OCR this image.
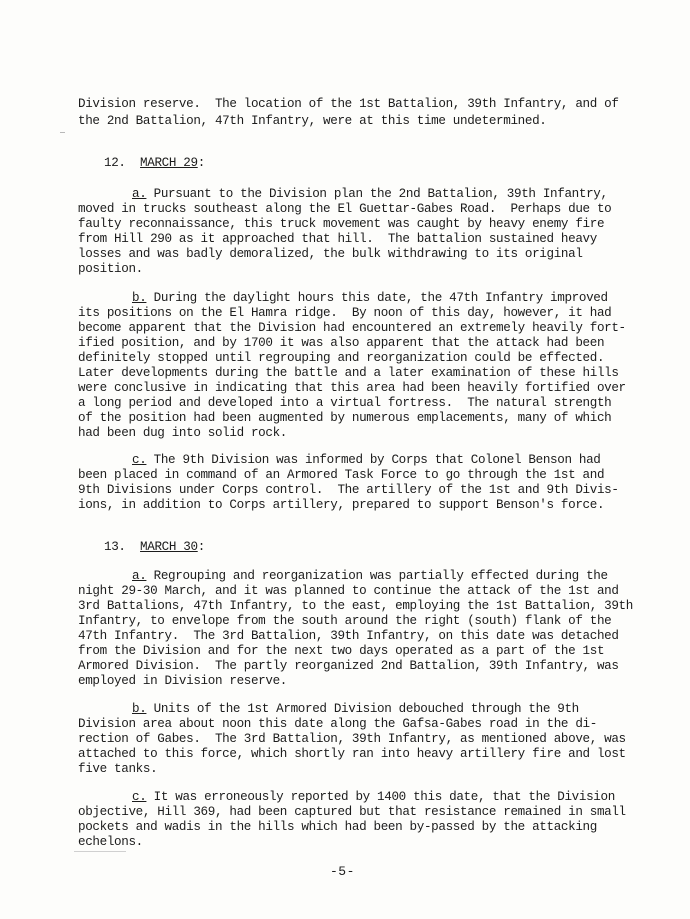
Division reserve.  The location of the 1st Battalion, 39th Infantry, and of
the 2nd Battalion, 47th Infantry, were at this time undetermined.
12. MARCH 29:
a. Pursuant to the Division plan the 2nd Battalion, 39th Infantry,
moved in trucks southeast along the El Guettar-Gabes Road.  Perhaps due to
faulty reconnaissance, this truck movement was caught by heavy enemy fire
from Hill 290 as it approached that hill.  The battalion sustained heavy
losses and was badly demoralized, the bulk withdrawing to its original
position.
b. During the daylight hours this date, the 47th Infantry improved
its positions on the El Hamra ridge.  By noon of this day, however, it had
become apparent that the Division had encountered an extremely heavily fort-
ified position, and by 1700 it was also apparent that the attack had been
definitely stopped until regrouping and reorganization could be effected.
Later developments during the battle and a later examination of these hills
were conclusive in indicating that this area had been heavily fortified over
a long period and developed into a virtual fortress.  The natural strength
of the position had been augmented by numerous emplacements, many of which
had been dug into solid rock.
c. The 9th Division was informed by Corps that Colonel Benson had
been placed in command of an Armored Task Force to go through the 1st and
9th Divisions under Corps control.  The artillery of the 1st and 9th Divis-
ions, in addition to Corps artillery, prepared to support Benson's force.
13. MARCH 30:
a. Regrouping and reorganization was partially effected during the
night 29-30 March, and it was planned to continue the attack of the 1st and
3rd Battalions, 47th Infantry, to the east, employing the 1st Battalion, 39th
Infantry, to envelope from the south around the right (south) flank of the
47th Infantry.  The 3rd Battalion, 39th Infantry, on this date was detached
from the Division and for the next two days operated as a part of the 1st
Armored Division.  The partly reorganized 2nd Battalion, 39th Infantry, was
employed in Division reserve.
b. Units of the 1st Armored Division debouched through the 9th
Division area about noon this date along the Gafsa-Gabes road in the di-
rection of Gabes.  The 3rd Battalion, 39th Infantry, as mentioned above, was
attached to this force, which shortly ran into heavy artillery fire and lost
five tanks.
c. It was erroneously reported by 1400 this date, that the Division
objective, Hill 369, had been captured but that resistance remained in small
pockets and wadis in the hills which had been by-passed by the attacking
echelons.
-5-
